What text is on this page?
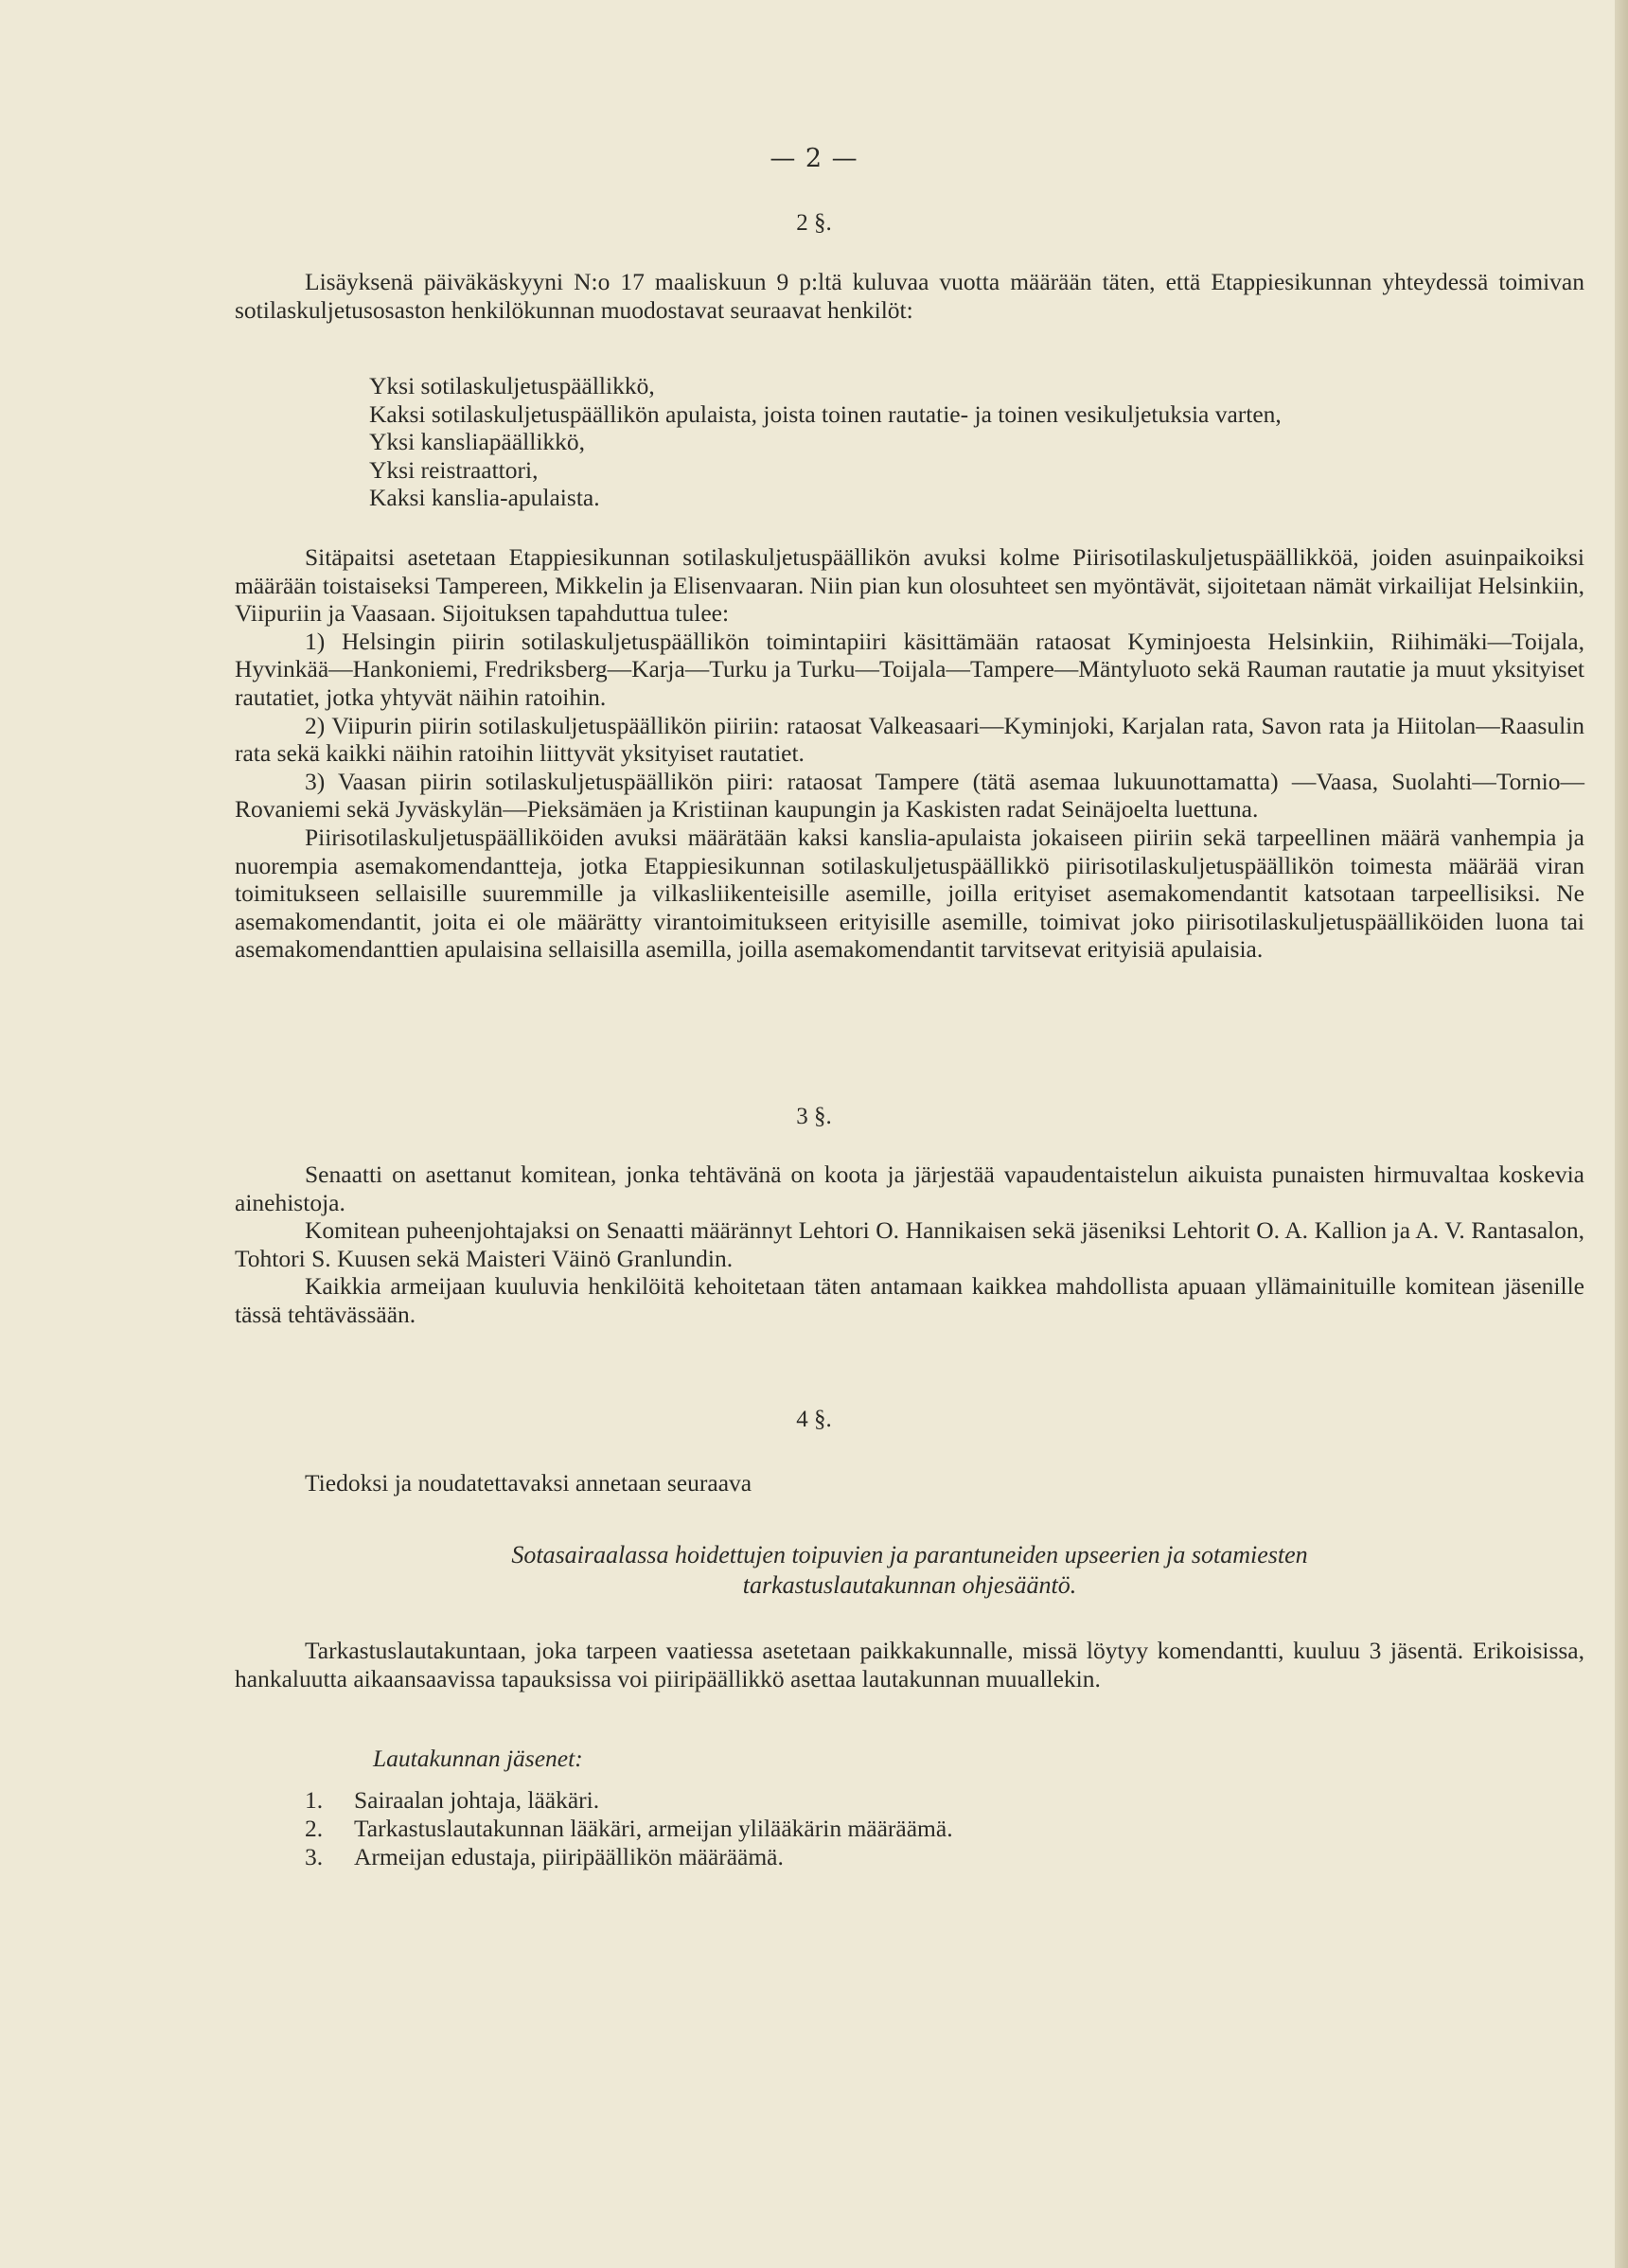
— 2 —
2 §.

Lisäyksenä päiväkäskyyni N:o 17 maaliskuun 9 p:ltä kuluvaa vuotta määrään täten, että Etappiesikunnan yhteydessä toimivan sotilaskuljetusosaston henkilökunnan muodostavat seuraavat henkilöt:

Yksi sotilaskuljetuspäällikkö,
Kaksi sotilaskuljetuspäällikön apulaista, joista toinen rautatie- ja toinen vesikuljetuksia varten,
Yksi kansliapäällikkö,
Yksi reistraattori,
Kaksi kanslia-apulaista.

Sitäpaitsi asetetaan Etappiesikunnan sotilaskuljetuspäällikön avuksi kolme Piirisotilaskuljetuspäällikköä, joiden asuinpaikoiksi määrään toistaiseksi Tampereen, Mikkelin ja Elisenvaaran. Niin pian kun olosuhteet sen myöntävät, sijoitetaan nämät virkailijat Helsinkiin, Viipuriin ja Vaasaan. Sijoituksen tapahduttua tulee:

1) Helsingin piirin sotilaskuljetuspäällikön toimintapiiri käsittämään rataosat Kyminjoesta Helsinkiin, Riihimäki—Toijala, Hyvinkää—Hankoniemi, Fredriksberg—Karja—Turku ja Turku—Toijala—Tampere—Mäntyluoto sekä Rauman rautatie ja muut yksityiset rautatiet, jotka yhtyvät näihin ratoihin.

2) Viipurin piirin sotilaskuljetuspäällikön piiriin: rataosat Valkeasaari—Kyminjoki, Karjalan rata, Savon rata ja Hiitolan—Raasulin rata sekä kaikki näihin ratoihin liittyvät yksityiset rautatiet.

3) Vaasan piirin sotilaskuljetuspäällikön piiri: rataosat Tampere (tätä asemaa lukuunottamatta) —Vaasa, Suolahti—Tornio—Rovaniemi sekä Jyväskylän—Pieksämäen ja Kristiinan kaupungin ja Kaskisten radat Seinäjoelta luettuna.

Piirisotilaskuljetuspäälliköiden avuksi määrätään kaksi kanslia-apulaista jokaiseen piiriin sekä tarpeellinen määrä vanhempia ja nuorempia asemakomendantteja, jotka Etappiesikunnan sotilaskuljetuspäällikkö piirisotilaskuljetuspäällikön toimesta määrää viran toimitukseen sellaisille suuremmille ja vilkasliikenteisille asemille, joilla erityiset asemakomendantit katsotaan tarpeellisiksi. Ne asemakomendantit, joita ei ole määrätty virantoimitukseen erityisille asemille, toimivat joko piirisotilaskuljetuspäälliköiden luona tai asemakomendanttien apulaisina sellaisilla asemilla, joilla asemakomendantit tarvitsevat erityisiä apulaisia.

3 §.

Senaatti on asettanut komitean, jonka tehtävänä on koota ja järjestää vapaudentaistelun aikuista punaisten hirmuvaltaa koskevia ainehistoja.

Komitean puheenjohtajaksi on Senaatti määrännyt Lehtori O. Hannikaisen sekä jäseniksi Lehtorit O. A. Kallion ja A. V. Rantasalon, Tohtori S. Kuusen sekä Maisteri Väinö Granlundin.

Kaikkia armeijaan kuuluvia henkilöitä kehoitetaan täten antamaan kaikkea mahdollista apuaan yllämainituille komitean jäsenille tässä tehtävässään.

4 §.

Tiedoksi ja noudatettavaksi annetaan seuraava

Sotasairaalassa hoidettujen toipuvien ja parantuneiden upseerien ja sotamiesten
tarkastuslautakunnan ohjesääntö.

Tarkastuslautakuntaan, joka tarpeen vaatiessa asetetaan paikkakunnalle, missä löytyy komendantti, kuuluu 3 jäsentä. Erikoisissa, hankaluutta aikaansaavissa tapauksissa voi piiripäällikkö asettaa lautakunnan muuallekin.

Lautakunnan jäsenet:
1.	Sairaalan johtaja, lääkäri.
2.	Tarkastuslautakunnan lääkäri, armeijan ylilääkärin määräämä.
3.	Armeijan edustaja, piiripäällikön määräämä.
